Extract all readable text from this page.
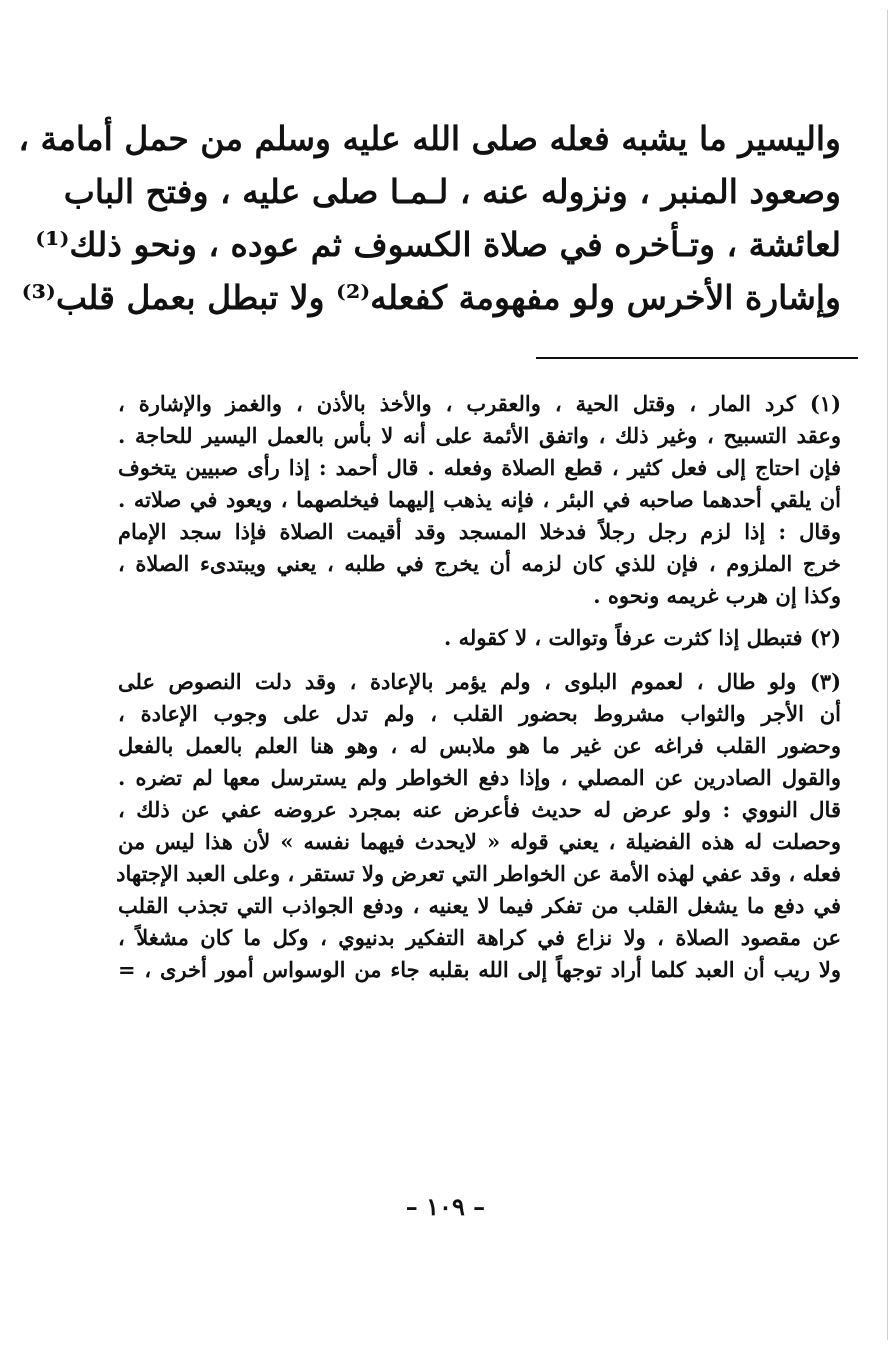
واليسير ما يشبه فعله صلى الله عليه وسلم من حمل أمامة ،
وصعود المنبر ، ونزوله عنه ، لـمـا صلى عليه ، وفتح الباب
لعائشة ، وتـأخره في صلاة الكسوف ثم عوده ، ونحو ذلك⁽¹⁾
وإشارة الأخرس ولو مفهومة كفعله⁽²⁾ ولا تبطل بعمل قلب⁽³⁾
(١) كرد المار ، وقتل الحية ، والعقرب ، والأخذ بالأذن ، والغمز والإشارة ،
وعقد التسبيح ، وغير ذلك ، واتفق الأئمة على أنه لا بأس بالعمل اليسير للحاجة .
فإن احتاج إلى فعل كثير ، قطع الصلاة وفعله . قال أحمد : إذا رأى صبيين يتخوف
أن يلقي أحدهما صاحبه في البئر ، فإنه يذهب إليهما فيخلصهما ، ويعود في صلاته .
وقال : إذا لزم رجل رجلاً فدخلا المسجد وقد أقيمت الصلاة فإذا سجد الإمام
خرج الملزوم ، فإن للذي كان لزمه أن يخرج في طلبه ، يعني ويبتدىء الصلاة ،
وكذا إن هرب غريمه ونحوه .
(٢) فتبطل إذا كثرت عرفاً وتوالت ، لا كقوله .
(٣) ولو طال ، لعموم البلوى ، ولم يؤمر بالإعادة ، وقد دلت النصوص على
أن الأجر والثواب مشروط بحضور القلب ، ولم تدل على وجوب الإعادة ،
وحضور القلب فراغه عن غير ما هو ملابس له ، وهو هنا العلم بالعمل بالفعل
والقول الصادرين عن المصلي ، وإذا دفع الخواطر ولم يسترسل معها لم تضره .
قال النووي : ولو عرض له حديث فأعرض عنه بمجرد عروضه عفي عن ذلك ،
وحصلت له هذه الفضيلة ، يعني قوله « لايحدث فيهما نفسه » لأن هذا ليس من
فعله ، وقد عفي لهذه الأمة عن الخواطر التي تعرض ولا تستقر ، وعلى العبد الإجتهاد
في دفع ما يشغل القلب من تفكر فيما لا يعنيه ، ودفع الجواذب التي تجذب القلب
عن مقصود الصلاة ، ولا نزاع في كراهة التفكير بدنيوي ، وكل ما كان مشغلاً ،
ولا ريب أن العبد كلما أراد توجهاً إلى الله بقلبه جاء من الوسواس أمور أخرى ، =
– ١٠٩ –
